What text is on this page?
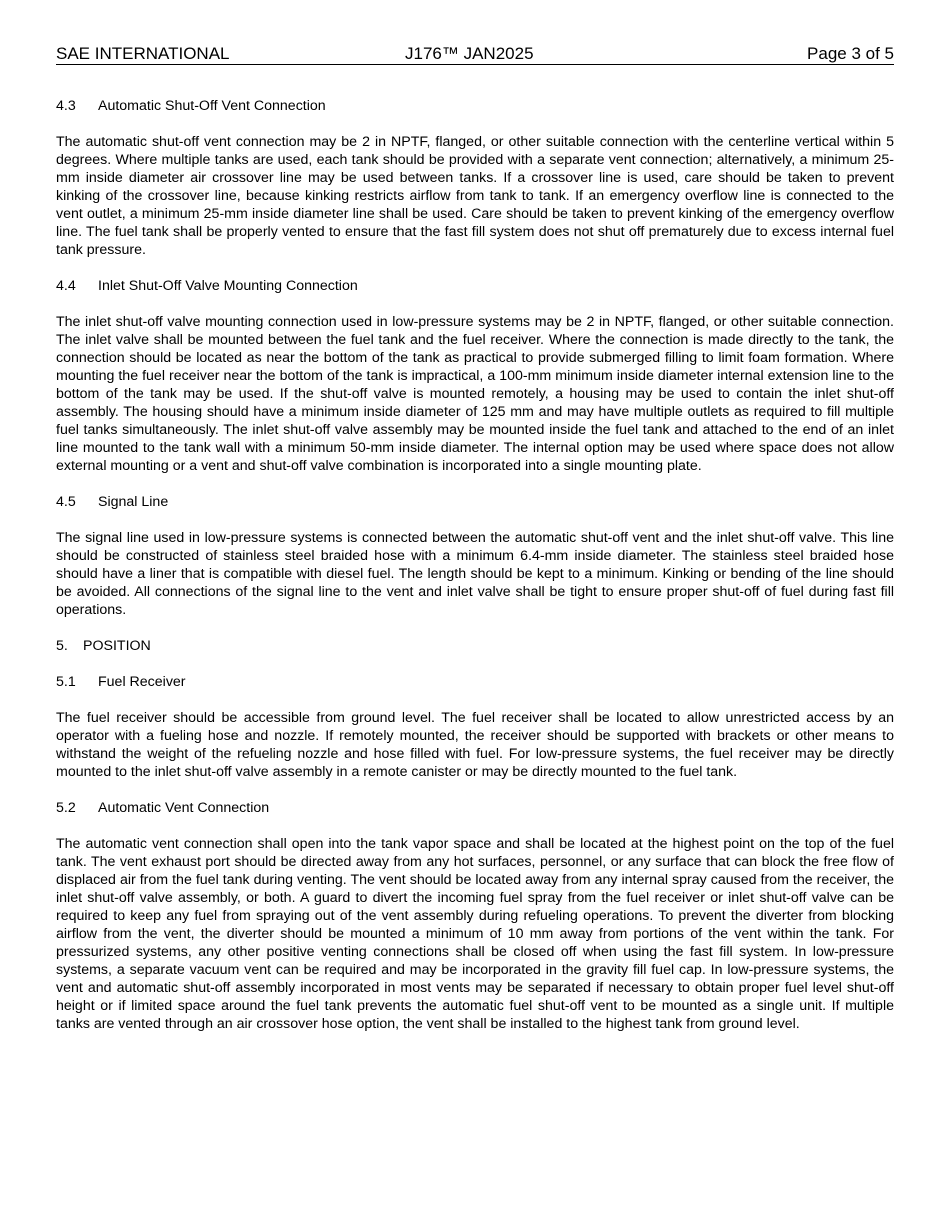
SAE INTERNATIONAL	J176™ JAN2025	Page 3 of 5
4.3 Automatic Shut-Off Vent Connection

The automatic shut-off vent connection may be 2 in NPTF, flanged, or other suitable connection with the centerline vertical within 5 degrees. Where multiple tanks are used, each tank should be provided with a separate vent connection; alternatively, a minimum 25-mm inside diameter air crossover line may be used between tanks. If a crossover line is used, care should be taken to prevent kinking of the crossover line, because kinking restricts airflow from tank to tank. If an emergency overflow line is connected to the vent outlet, a minimum 25-mm inside diameter line shall be used. Care should be taken to prevent kinking of the emergency overflow line. The fuel tank shall be properly vented to ensure that the fast fill system does not shut off prematurely due to excess internal fuel tank pressure.

4.4 Inlet Shut-Off Valve Mounting Connection

The inlet shut-off valve mounting connection used in low-pressure systems may be 2 in NPTF, flanged, or other suitable connection. The inlet valve shall be mounted between the fuel tank and the fuel receiver. Where the connection is made directly to the tank, the connection should be located as near the bottom of the tank as practical to provide submerged filling to limit foam formation. Where mounting the fuel receiver near the bottom of the tank is impractical, a 100-mm minimum inside diameter internal extension line to the bottom of the tank may be used. If the shut-off valve is mounted remotely, a housing may be used to contain the inlet shut-off assembly. The housing should have a minimum inside diameter of 125 mm and may have multiple outlets as required to fill multiple fuel tanks simultaneously. The inlet shut-off valve assembly may be mounted inside the fuel tank and attached to the end of an inlet line mounted to the tank wall with a minimum 50-mm inside diameter. The internal option may be used where space does not allow external mounting or a vent and shut-off valve combination is incorporated into a single mounting plate.

4.5 Signal Line

The signal line used in low-pressure systems is connected between the automatic shut-off vent and the inlet shut-off valve. This line should be constructed of stainless steel braided hose with a minimum 6.4-mm inside diameter. The stainless steel braided hose should have a liner that is compatible with diesel fuel. The length should be kept to a minimum. Kinking or bending of the line should be avoided. All connections of the signal line to the vent and inlet valve shall be tight to ensure proper shut-off of fuel during fast fill operations.

5. POSITION
5.1 Fuel Receiver

The fuel receiver should be accessible from ground level. The fuel receiver shall be located to allow unrestricted access by an operator with a fueling hose and nozzle. If remotely mounted, the receiver should be supported with brackets or other means to withstand the weight of the refueling nozzle and hose filled with fuel. For low-pressure systems, the fuel receiver may be directly mounted to the inlet shut-off valve assembly in a remote canister or may be directly mounted to the fuel tank.

5.2 Automatic Vent Connection

The automatic vent connection shall open into the tank vapor space and shall be located at the highest point on the top of the fuel tank. The vent exhaust port should be directed away from any hot surfaces, personnel, or any surface that can block the free flow of displaced air from the fuel tank during venting. The vent should be located away from any internal spray caused from the receiver, the inlet shut-off valve assembly, or both. A guard to divert the incoming fuel spray from the fuel receiver or inlet shut-off valve can be required to keep any fuel from spraying out of the vent assembly during refueling operations. To prevent the diverter from blocking airflow from the vent, the diverter should be mounted a minimum of 10 mm away from portions of the vent within the tank. For pressurized systems, any other positive venting connections shall be closed off when using the fast fill system. In low-pressure systems, a separate vacuum vent can be required and may be incorporated in the gravity fill fuel cap. In low-pressure systems, the vent and automatic shut-off assembly incorporated in most vents may be separated if necessary to obtain proper fuel level shut-off height or if limited space around the fuel tank prevents the automatic fuel shut-off vent to be mounted as a single unit. If multiple tanks are vented through an air crossover hose option, the vent shall be installed to the highest tank from ground level.
